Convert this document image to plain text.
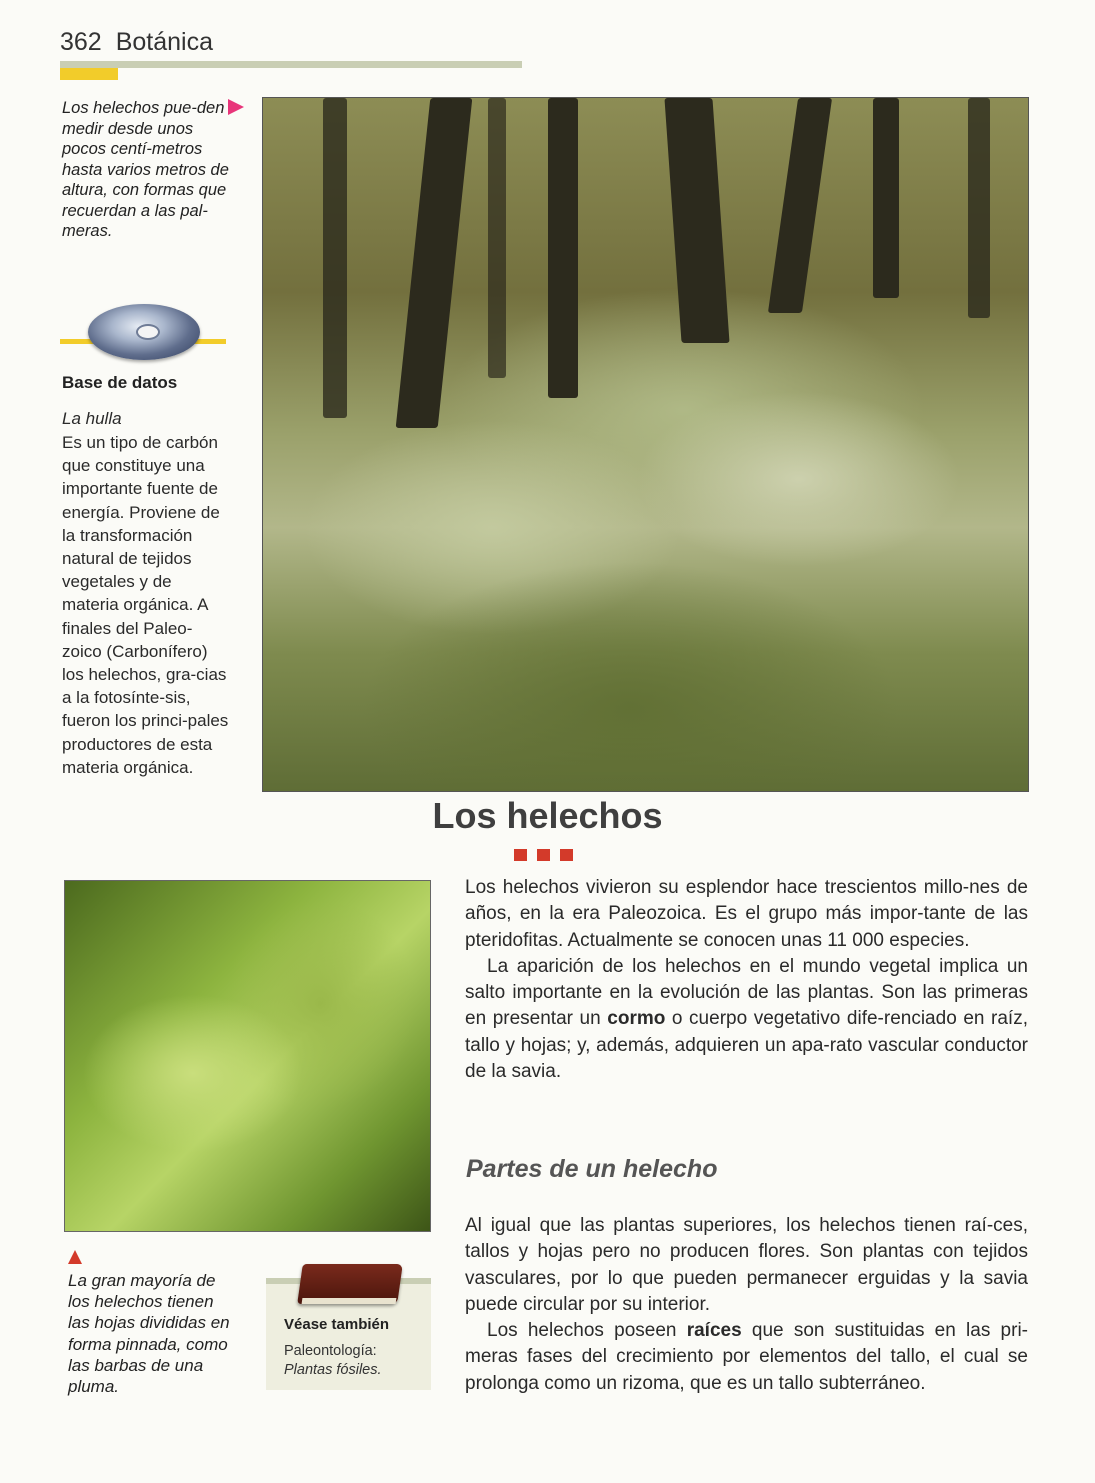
362 Botánica
Los helechos pue-den medir desde unos pocos centí-metros hasta varios metros de altura, con formas que recuerdan a las pal-meras.
Base de datos
La hulla
Es un tipo de carbón que constituye una importante fuente de energía. Proviene de la transformación natural de tejidos vegetales y de materia orgánica. A finales del Paleo-zoico (Carbonífero) los helechos, gra-cias a la fotosínte-sis, fueron los princi-pales productores de esta materia orgánica.
Los helechos
La gran mayoría de los helechos tienen las hojas divididas en forma pinnada, como las barbas de una pluma.
Véase también
Paleontología:
Plantas fósiles.

Los helechos vivieron su esplendor hace trescientos millo-nes de años, en la era Paleozoica. Es el grupo más impor-tante de las pteridofitas. Actualmente se conocen unas 11 000 especies.

La aparición de los helechos en el mundo vegetal implica un salto importante en la evolución de las plantas. Son las primeras en presentar un cormo o cuerpo vegetativo dife-renciado en raíz, tallo y hojas; y, además, adquieren un apa-rato vascular conductor de la savia.

Partes de un helecho

Al igual que las plantas superiores, los helechos tienen raí-ces, tallos y hojas pero no producen flores. Son plantas con tejidos vasculares, por lo que pueden permanecer erguidas y la savia puede circular por su interior.

Los helechos poseen raíces que son sustituidas en las pri-meras fases del crecimiento por elementos del tallo, el cual se prolonga como un rizoma, que es un tallo subterráneo.
